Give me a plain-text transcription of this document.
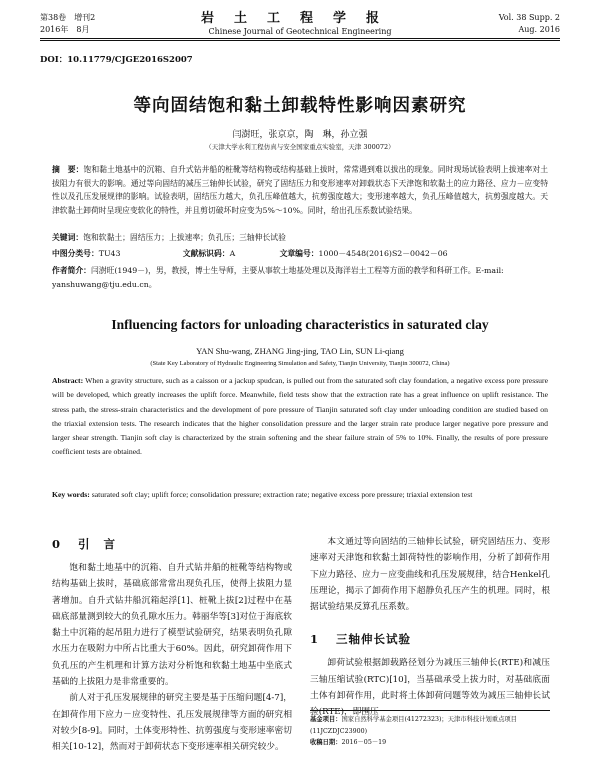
第38卷　 增刊2
2016年　 8月
岩土工程学报
Chinese Journal of Geotechnical Engineering
Vol. 38 Supp. 2
Aug. 2016
DOI：10.11779/CJGE2016S2007
等向固结饱和黏土卸载特性影响因素研究
闫澍旺，张京京，陶　琳，孙立强
（天津大学水利工程仿真与安全国家重点实验室，天津 300072）
摘　要：饱和黏土地基中的沉箱、自升式钻井船的桩靴等结构物或结构基础上拔时，常常遇到难以拔出的现象。同时现场试验表明上拔速率对土拔阻力有很大的影响。通过等向固结的减压三轴伸长试验，研究了固结压力和变形速率对卸载状态下天津饱和软黏土的应力路径、应力－应变特性以及孔压发展规律的影响。试验表明，固结压力越大，负孔压峰值越大，抗剪强度越大；变形速率越大，负孔压峰值越大，抗剪强度越大。天津软黏土卸荷时呈现应变软化的特性，并且剪切破坏时应变为5%～10%。同时，给出孔压系数试验结果。
关键词：饱和软黏土；固结压力；上拔速率；负孔压；三轴伸长试验
中图分类号：TU43	文献标识码：A	文章编号：1000－4548(2016)S2－0042－06
作者简介：闫澍旺(1949－)，男，教授，博士生导师，主要从事软土地基处理以及海洋岩土工程等方面的教学和科研工作。E-mail: yanshuwang@tju.edu.cn。
Influencing factors for unloading characteristics in saturated clay
YAN Shu-wang, ZHANG Jing-jing, TAO Lin, SUN Li-qiang
(State Key Laboratory of Hydraulic Engineering Simulation and Safety, Tianjin University, Tianjin 300072, China)
Abstract: When a gravity structure, such as a caisson or a jackup spudcan, is pulled out from the saturated soft clay foundation, a negative excess pore pressure will be developed, which greatly increases the uplift force. Meanwhile, field tests show that the extraction rate has a great influence on uplift resistance. The stress path, the stress-strain characteristics and the development of pore pressure of Tianjin saturated soft clay under unloading condition are studied based on the triaxial extension tests. The research indicates that the higher consolidation pressure and the larger strain rate produce larger negative pore pressure and larger shear strength. Tianjin soft clay is characterized by the strain softening and the shear failure strain of 5% to 10%. Finally, the results of pore pressure coefficient tests are obtained.
Key words: saturated soft clay; uplift force; consolidation pressure; extraction rate; negative excess pore pressure; triaxial extension test
0 引言

饱和黏土地基中的沉箱、自升式钻井船的桩靴等结构物或结构基础上拔时，基础底部常常出现负孔压，使得上拔阻力显著增加。自升式钻井船沉箱起浮[1]、桩靴上拔[2]过程中在基础底部量测到较大的负孔隙水压力。韩丽华等[3]对位于海底软黏土中沉箱的起吊阻力进行了模型试验研究，结果表明负孔隙水压力在吸附力中所占比重大于60%。因此，研究卸荷作用下负孔压的产生机理和计算方法对分析饱和软黏土地基中坐底式基础的上拔阻力是非常重要的。

前人对于孔压发展规律的研究主要是基于压缩问题[4-7]，在卸荷作用下应力－应变特性、孔压发展规律等方面的研究相对较少[8-9]。同时，土体变形特性、抗剪强度与变形速率密切相关[10-12]，然而对于卸荷状态下变形速率相关研究较少。

本文通过等向固结的三轴伸长试验，研究固结压力、变形速率对天津饱和软黏土卸荷特性的影响作用，分析了卸荷作用下应力路径、应力－应变曲线和孔压发展规律，结合Henkel孔压理论，揭示了卸荷作用下超静负孔压产生的机理。同时，根据试验结果反算孔压系数。

1 三轴伸长试验

卸荷试验根据卸载路径划分为减压三轴伸长(RTE)和减压三轴压缩试验(RTC)[10]，当基础承受上拔力时，对基础底面土体有卸荷作用，此时将土体卸荷问题等效为减压三轴伸长试验(RTE)，即围压

基金项目：国家自然科学基金项目(41272323)；天津市科技计划重点项目(11JCZDJC23900)
收稿日期：2016－05－19
